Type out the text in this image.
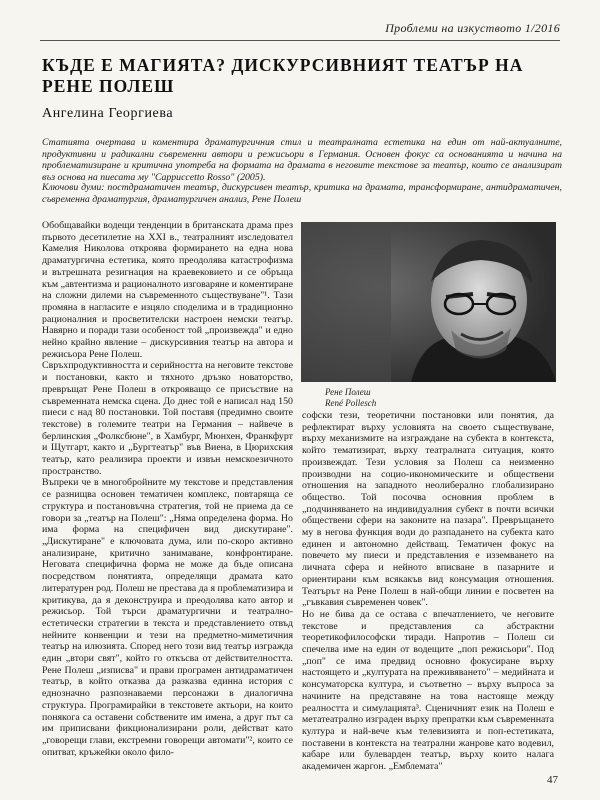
Проблеми на изкуството 1/2016
КЪДЕ Е МАГИЯТА? ДИСКУРСИВНИЯТ ТЕАТЪР НА РЕНЕ ПОЛЕШ
Ангелина Георгиева
Статията очертава и коментира драматургичния стил и театралната естетика на един от най-актуалните, продуктивни и радикални съвременни автори и режисьори в Германия. Основен фокус са основанията и начина на проблематизиране и критична употреба на формата на драмата в неговите текстове за театър, които се анализират въз основа на пиесата му "Cappuccetto Rosso" (2005).
Ключови думи: постдраматичен театър, дискурсивен театър, критика на драмата, трансформиране, антидраматичен, съвременна драматургия, драматургичен анализ, Рене Полеш

Обобщавайки водещи тенденции в британската драма през първото десетилетие на XXI в., театралният изследовател Камелия Николова откроява формирането на една нова драматургична естетика, която преодолява катастрофизма и вътрешната резигнация на краевековието и се обръща към „автентизма и рационалното изговаряне и коментиране на сложни дилеми на съвременното съществуване"¹. Тази промяна в нагласите е изцяло споделима и в традиционно рационалния и просветителски настроен немски театър. Навярно и поради тази особеност той „произвежда" и едно нейно крайно явление – дискурсивния театър на автора и режисьора Рене Полеш.

Свръхпродуктивността и серийността на неговите текстове и постановки, както и тяхното дръзко новаторство, превръщат Рене Полеш в открояващо се присъствие на съвременната немска сцена. До днес той е написал над 150 пиеси с над 80 постановки. Той поставя (предимно своите текстове) в големите театри на Германия – найвече в берлинския „Фолксбюне", в Хамбург, Мюнхен, Франкфурт и Щутгарт, както и „Бургтеатър" във Виена, в Цюрихския театър, като реализира проекти и извън немскоезичното пространство.

Въпреки че в многобройните му текстове и представления се разнищва основен тематичен комплекс, повтаряща се структура и постановъчна стратегия, той не приема да се говори за „театър на Полеш": „Няма определена форма. Но има форма на специфичен вид дискутиране". „Дискутиране" е ключовата дума, или по-скоро активно анализиране, критично занимаване, конфронтиране. Неговата специфична форма не може да бъде описана посредством понятията, определящи драмата като литературен род. Полеш не престава да я проблематизира и критикува, да я деконструира и преодолява като автор и режисьор. Той търси драматургични и театрално-естетически стратегии в текста и представлението отвъд нейните конвенции и тези на предметно-миметичния театър на илюзията. Според него този вид театър изгражда един „втори свят", който го откъсва от действителността. Рене Полеш „изписва" и прави програмен антидраматичен театър, в който отказва да разказва единна история с еднозначно разпознаваеми персонажи в диалогична структура. Програмирайки в текстовете актьори, на които понякога са оставени собствените им имена, а друг път са им приписвани фикционализирани роли, действат като „говорещи глави, екстремни говорещи автомати"², които се опитват, кръжейки около фило-

Рене Полеш
René Pollesch

софски тези, теоретични постановки или понятия, да рефлектират върху условията на своето съществуване, върху механизмите на изграждане на субекта в контекста, който тематизират, върху театралната ситуация, която произвеждат. Тези условия за Полеш са неизменно производни на социо-икономическите и обществени отношения на западното неолиберално глобализирано общество. Той посочва основния проблем в „подчиняването на индивидуалния субект в почти всички обществени сфери на законите на пазара". Превръщането му в негова функция води до разпадането на субекта като единен и автономно действащ. Тематичен фокус на повечето му пиеси и представления е изземването на личната сфера и нейното вписване в пазарните и ориентирани към всякакъв вид консумация отношения. Театърът на Рене Полеш в най-общи линии е посветен на „гъвкавия съвременен човек".

Но не бива да се остава с впечатлението, че неговите текстове и представления са абстрактни теоретикофилософски тиради. Напротив – Полеш си спечелва име на един от водещите „поп режисьори". Под „поп" се има предвид основно фокусиране върху настоящето и „културата на преживяването" – медийната и консуматорска култура, и съответно – върху въпроса за начините на представяне на това настояще между реалността и симулацията³. Сценичният език на Полеш е метатеатрално изграден върху препратки към съвременната култура и най-вече към телевизията и поп-естетиката, поставени в контекста на театрални жанрове като водевил, кабаре или булеварден театър, върху които налага академичен жаргон. „Емблемата"

47
